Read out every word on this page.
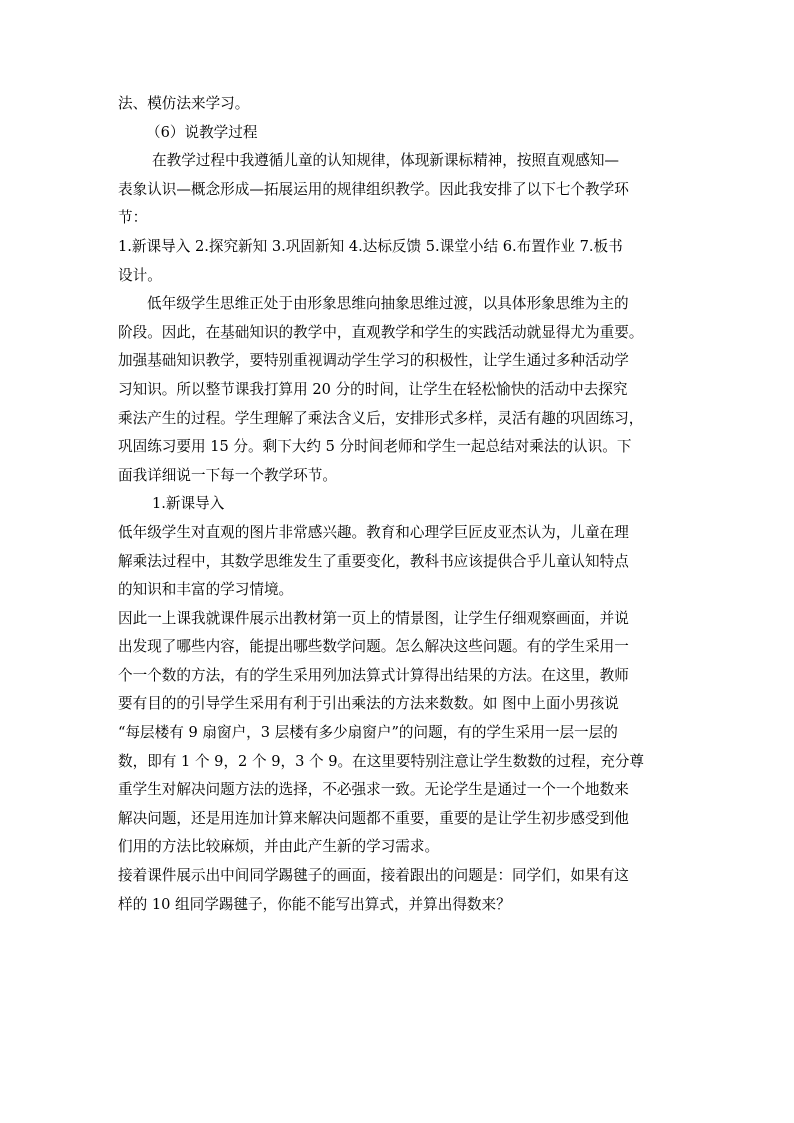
法、模仿法来学习。
（6）说教学过程
在教学过程中我遵循儿童的认知规律，体现新课标精神，按照直观感知—
表象认识—概念形成—拓展运用的规律组织教学。因此我安排了以下七个教学环
节：
1.新课导入 2.探究新知 3.巩固新知 4.达标反馈 5.课堂小结 6.布置作业 7.板书
设计。
低年级学生思维正处于由形象思维向抽象思维过渡，以具体形象思维为主的
阶段。因此，在基础知识的教学中，直观教学和学生的实践活动就显得尤为重要。
加强基础知识教学，要特别重视调动学生学习的积极性，让学生通过多种活动学
习知识。所以整节课我打算用 20 分的时间，让学生在轻松愉快的活动中去探究
乘法产生的过程。学生理解了乘法含义后，安排形式多样，灵活有趣的巩固练习，
巩固练习要用 15 分。剩下大约 5 分时间老师和学生一起总结对乘法的认识。下
面我详细说一下每一个教学环节。
1.新课导入
低年级学生对直观的图片非常感兴趣。教育和心理学巨匠皮亚杰认为，儿童在理
解乘法过程中，其数学思维发生了重要变化，教科书应该提供合乎儿童认知特点
的知识和丰富的学习情境。
因此一上课我就课件展示出教材第一页上的情景图，让学生仔细观察画面，并说
出发现了哪些内容，能提出哪些数学问题。怎么解决这些问题。有的学生采用一
个一个数的方法，有的学生采用列加法算式计算得出结果的方法。在这里，教师
要有目的的引导学生采用有利于引出乘法的方法来数数。如 图中上面小男孩说
“每层楼有 9 扇窗户，3 层楼有多少扇窗户”的问题，有的学生采用一层一层的
数，即有 1 个 9，2 个 9，3 个 9。在这里要特别注意让学生数数的过程，充分尊
重学生对解决问题方法的选择，不必强求一致。无论学生是通过一个一个地数来
解决问题，还是用连加计算来解决问题都不重要，重要的是让学生初步感受到他
们用的方法比较麻烦，并由此产生新的学习需求。
接着课件展示出中间同学踢毽子的画面，接着跟出的问题是：同学们，如果有这
样的 10 组同学踢毽子，你能不能写出算式，并算出得数来？
